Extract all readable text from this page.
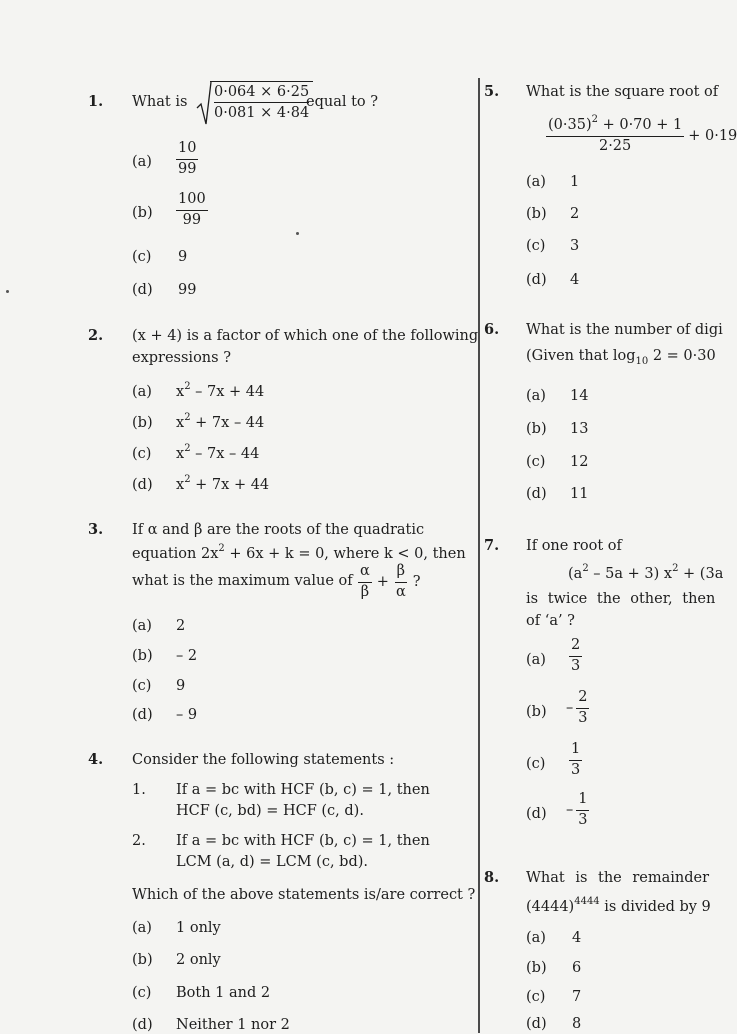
1. What is $\frac{0\cdot 064 \times 6\cdot 25}{0\cdot 081 \times 4\cdot 84}$
equal to ?
$(a) \frac{10}{99}$
$(b) \frac{100}{99}$
(c) 9
(d) 99
2. (x + 4) is a factor of which one of the following
expressions ?
(a) $x^2 - 7x + 44$
(b) $x^2 + 7x - 44$
(c) $x^2 - 7x - 44$
(d) $x^2 + 7x + 44$
3. If α and β are the roots of the quadratic
equation $2x^2 + 6x + k = 0$, where k < 0, then
what is the maximum value of $\frac{\alpha}{\beta} + \frac{\beta}{\alpha}$ ?
(a) 2
(b) – 2
(c) 9
(d) – 9
4. Consider the following statements :
1. If a = bc with HCF (b, c) = 1, then
HCF (c, bd) = HCF (c, d).
2. If a = bc with HCF (b, c) = 1, then
LCM (a, d) = LCM (c, bd).
Which of the above statements is/are correct ?
(a) 1 only
(b) 2 only
(c) Both 1 and 2
(d) Neither 1 nor 2
5. What is the square root of
$\frac{(0\cdot 35)^2 + 0\cdot 70 + 1}{2\cdot 25} + 0\cdot 19$
(a) 1
(b) 2
(c) 3
(d) 4
6. What is the number of digi
(Given that $\log_{10} 2 = 0\cdot 30$
(a) 14
(b) 13
(c) 12
(d) 11
7. If one root of
$(a^2 - 5a + 3) x^2 + (3a$
is twice the other, then
of ‘a’ ?
$(a) \frac{2}{3}$
$(b) - \frac{2}{3}$
$(c) \frac{1}{3}$
$(d) - \frac{1}{3}$
8. What is the remainder
$(4444)^{4444}$ is divided by 9
(a) 4
(b) 6
(c) 7
(d) 8
